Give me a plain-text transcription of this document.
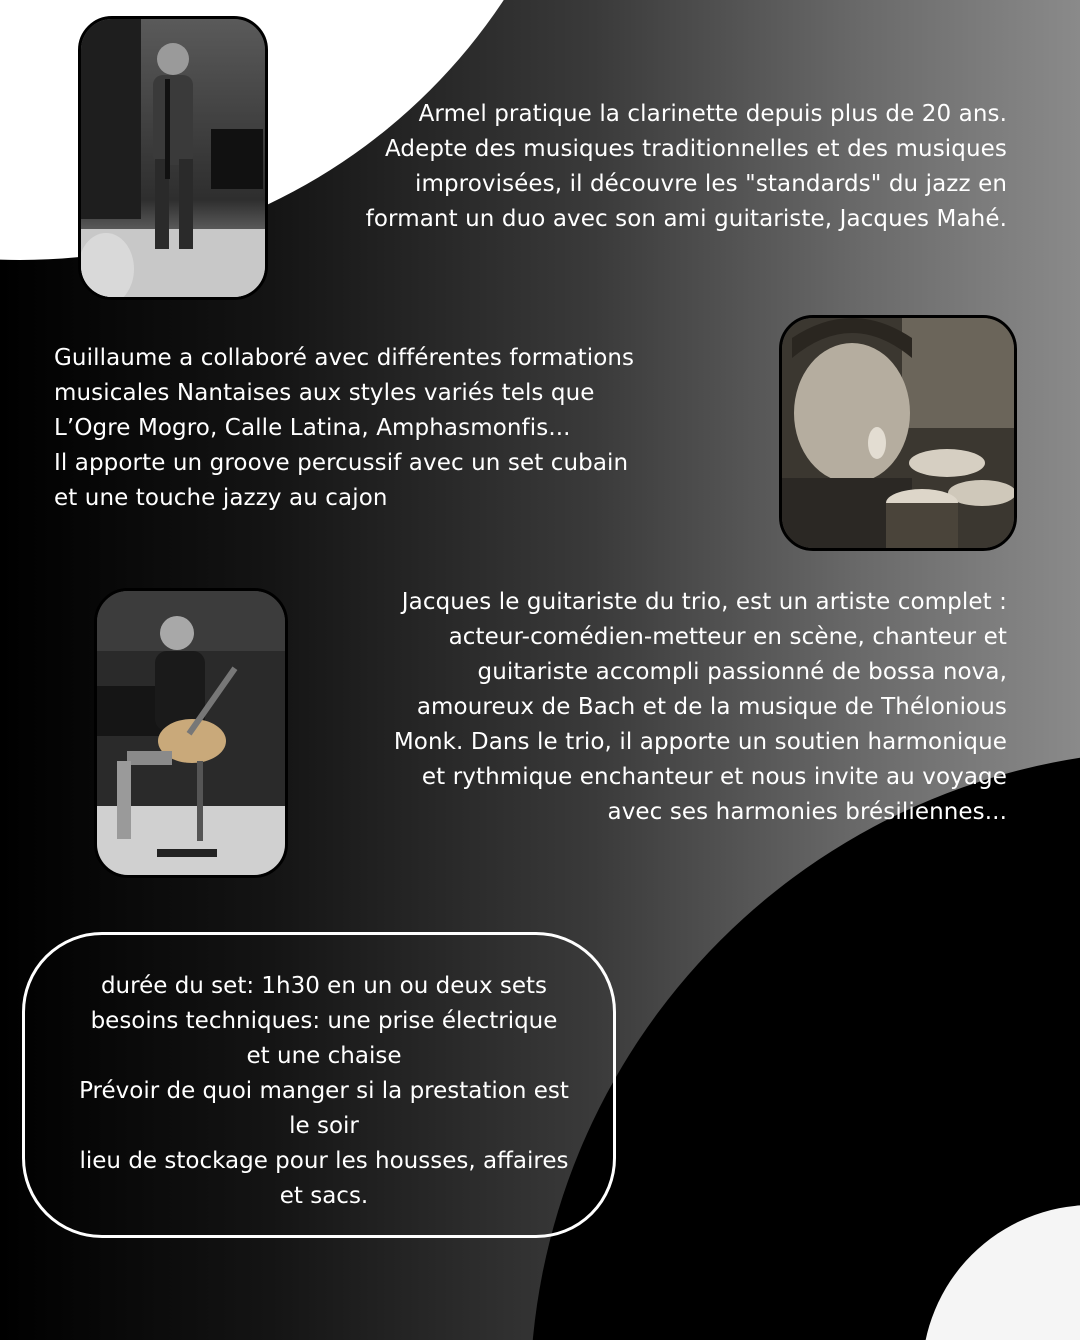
Armel pratique la clarinette depuis plus de 20 ans.
Adepte des musiques traditionnelles et des musiques
improvisées, il découvre les "standards" du jazz en
formant un duo avec son ami guitariste, Jacques Mahé.

Guillaume a collaboré avec différentes formations
musicales Nantaises aux styles variés tels que
L’Ogre Mogro, Calle Latina, Amphasmonfis...
Il apporte un groove percussif avec un set cubain
et une touche jazzy au cajon

Jacques le guitariste du trio, est un artiste complet :
acteur-comédien-metteur en scène, chanteur et
guitariste accompli passionné de bossa nova,
amoureux de Bach et de la musique de Thélonious
Monk. Dans le trio, il apporte un soutien harmonique
et rythmique enchanteur et nous invite au voyage
avec ses harmonies brésiliennes...

durée du set: 1h30 en un ou deux sets
besoins techniques: une prise électrique
et une chaise
Prévoir de quoi manger si la prestation est
le soir
lieu de stockage pour les housses, affaires
et sacs.
